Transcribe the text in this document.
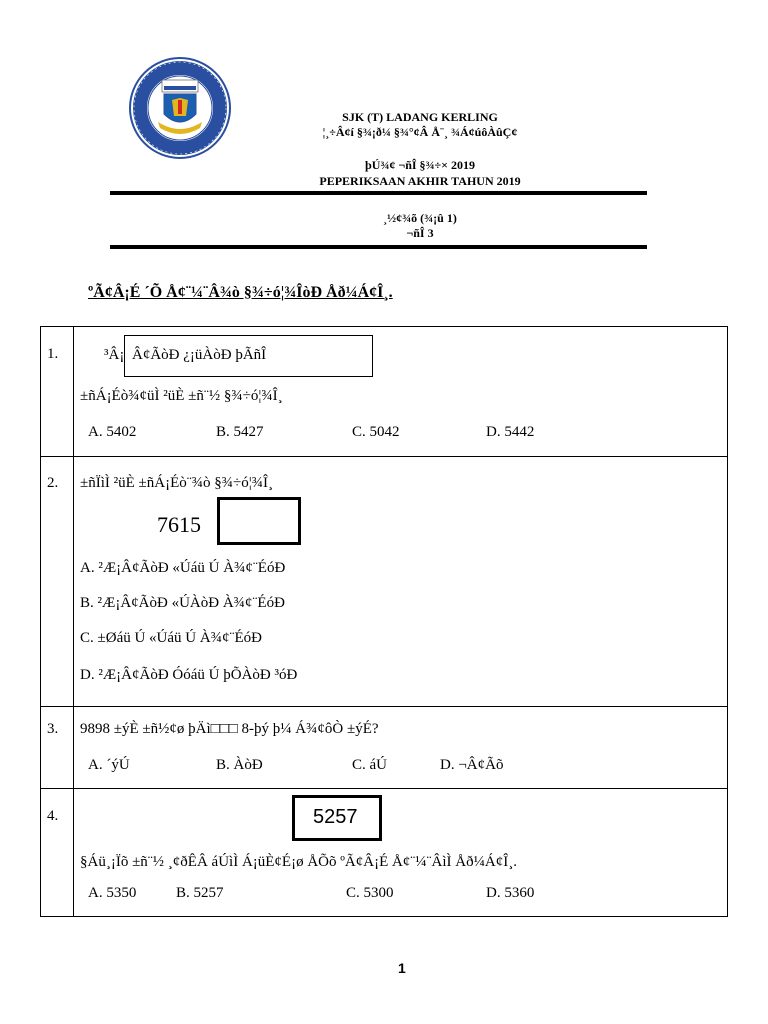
SJK (T) LADANG KERLING
¦¸÷Â¢í §¾¡ð¼ §¾°¢Â Å¨¸ ¾Á¢úôÀûÇ¢
þÚ¾¢ ¬ñÎ §¾÷× 2019
PEPERIKSAAN AKHIR TAHUN 2019
¸½¢¾õ (¾¡û 1)
¬ñÎ 3
ºÃ¢Â¡É ´Õ Å¢¨¼¨Â¾ò §¾÷ó¦¾ÎòÐ Åð¼Á¢Î¸.
1.	³Â¡ Â¢ÃòÐ ¿¡üÀòÐ þÃñÎ
±ñÁ¡Éò¾¢üÌ ²üÈ ±ñ¨½ §¾÷ó¦¾Î¸
A. 5402	B. 5427	C. 5042	D. 5442
2. ±ñÏìÌ ²üÈ ±ñÁ¡Éò¨¾ò §¾÷ó¦¾Î¸
7615
A. ²Æ¡Â¢ÃòÐ «Úáü Ú À¾¢¨ÉóÐ
B. ²Æ¡Â¢ÃòÐ «ÚÀòÐ À¾¢¨ÉóÐ
C. ±Øáü Ú «Úáü Ú À¾¢¨ÉóÐ
D. ²Æ¡Â¢ÃòÐ Óóáü Ú þÕÀòÐ ³óÐ
3. 9898 ±ýÈ ±ñ½¢ø þÄì□□□ 8-þý þ¼ Á¾¢ôÒ ±ýÉ?
A. ´ýÚ	B. ÀòÐ	C. áÚ	D. ¬Â¢Ãõ
4.	5257
§Áü¸¡Ïõ ±ñ¨½ ¸¢ðÊÂ áÚìÌ Á¡üÈ¢É¡ø ÅÕõ ºÃ¢Â¡É Å¢¨¼¨ÂìÌ Åð¼Á¢Î¸.
A. 5350	B. 5257	C. 5300	D. 5360
1
